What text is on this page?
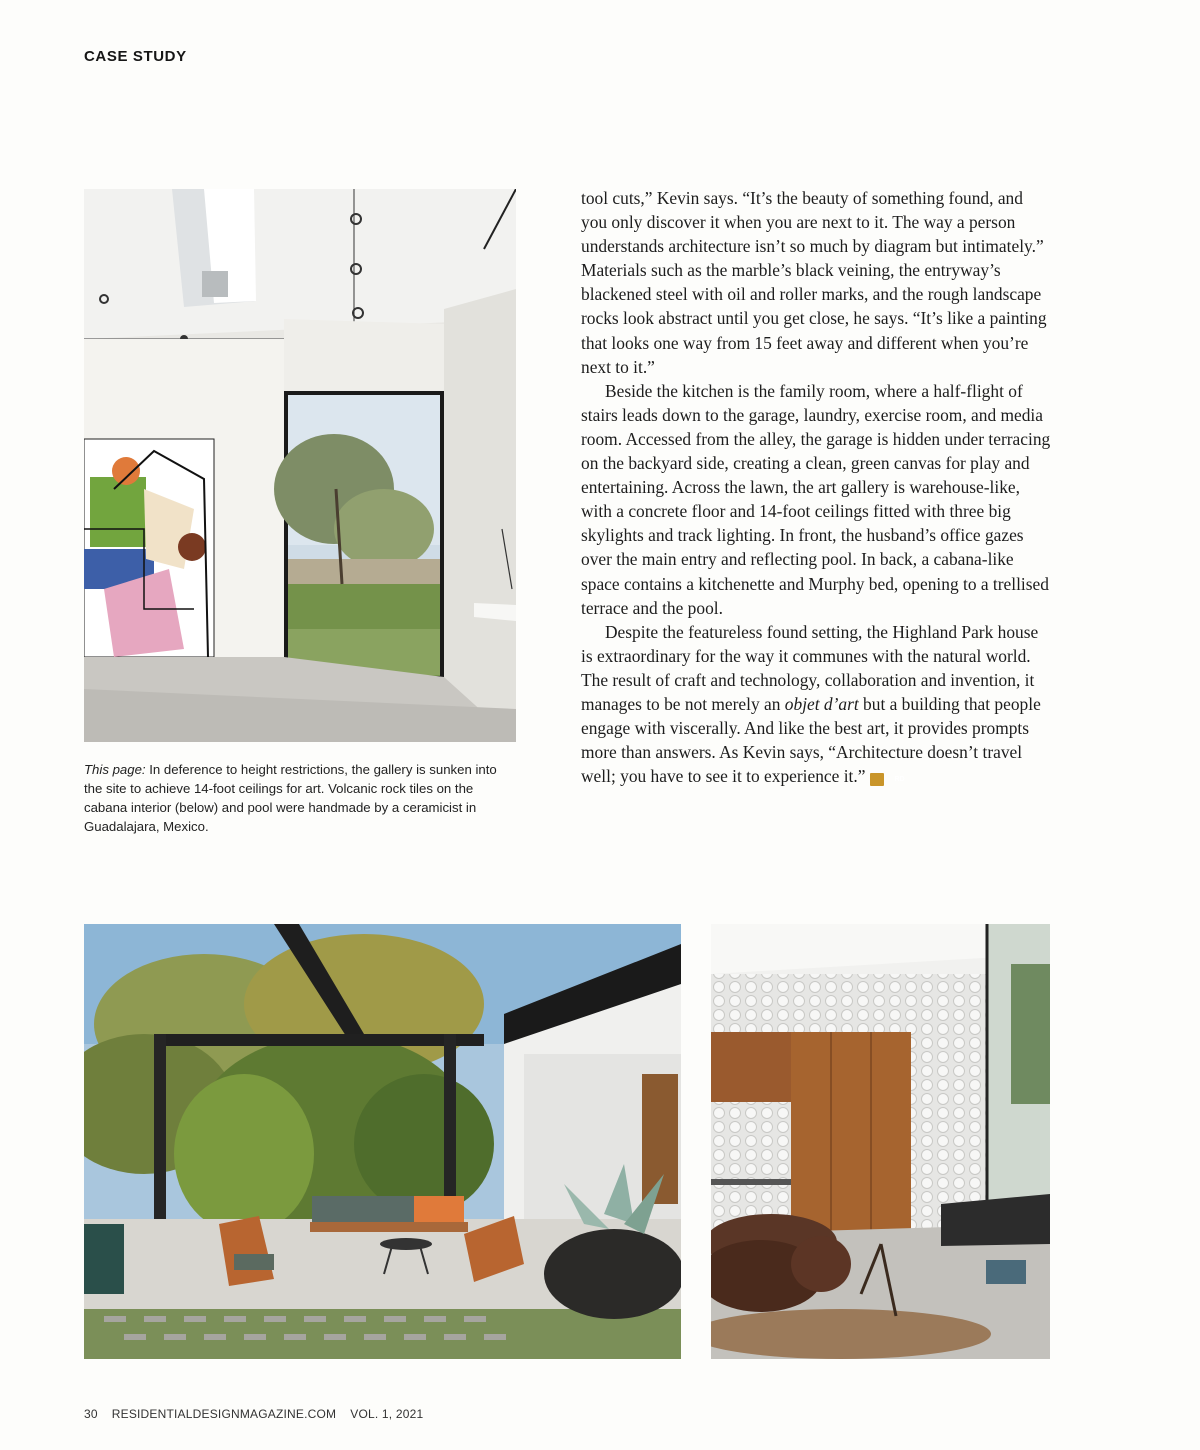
CASE STUDY
This page: In deference to height restrictions, the gallery is sunken into the site to achieve 14-foot ceilings for art. Volcanic rock tiles on the cabana interior (below) and pool were handmade by a ceramicist in Guadalajara, Mexico.

tool cuts,” Kevin says. “It’s the beauty of something found, and you only discover it when you are next to it. The way a person understands architecture isn’t so much by diagram but intimately.” Materials such as the marble’s black veining, the entryway’s blackened steel with oil and roller marks, and the rough landscape rocks look abstract until you get close, he says. “It’s like a painting that looks one way from 15 feet away and different when you’re next to it.”

Beside the kitchen is the family room, where a half-flight of stairs leads down to the garage, laundry, exercise room, and media room. Accessed from the alley, the garage is hidden under terracing on the backyard side, creating a clean, green canvas for play and entertaining. Across the lawn, the art gallery is warehouse-like, with a concrete floor and 14-foot ceilings fitted with three big skylights and track lighting. In front, the husband’s office gazes over the main entry and reflecting pool. In back, a cabana-like space contains a kitchenette and Murphy bed, opening to a trellised terrace and the pool.

Despite the featureless found setting, the Highland Park house is extraordinary for the way it communes with the natural world. The result of craft and technology, collaboration and invention, it manages to be not merely an objet d’art but a building that people engage with viscerally. And like the best art, it provides prompts more than answers. As Kevin says, “Architecture doesn’t travel well; you have to see it to experience it.”	RD

30 RESIDENTIALDESIGNMAGAZINE.COM VOL. 1, 2021
